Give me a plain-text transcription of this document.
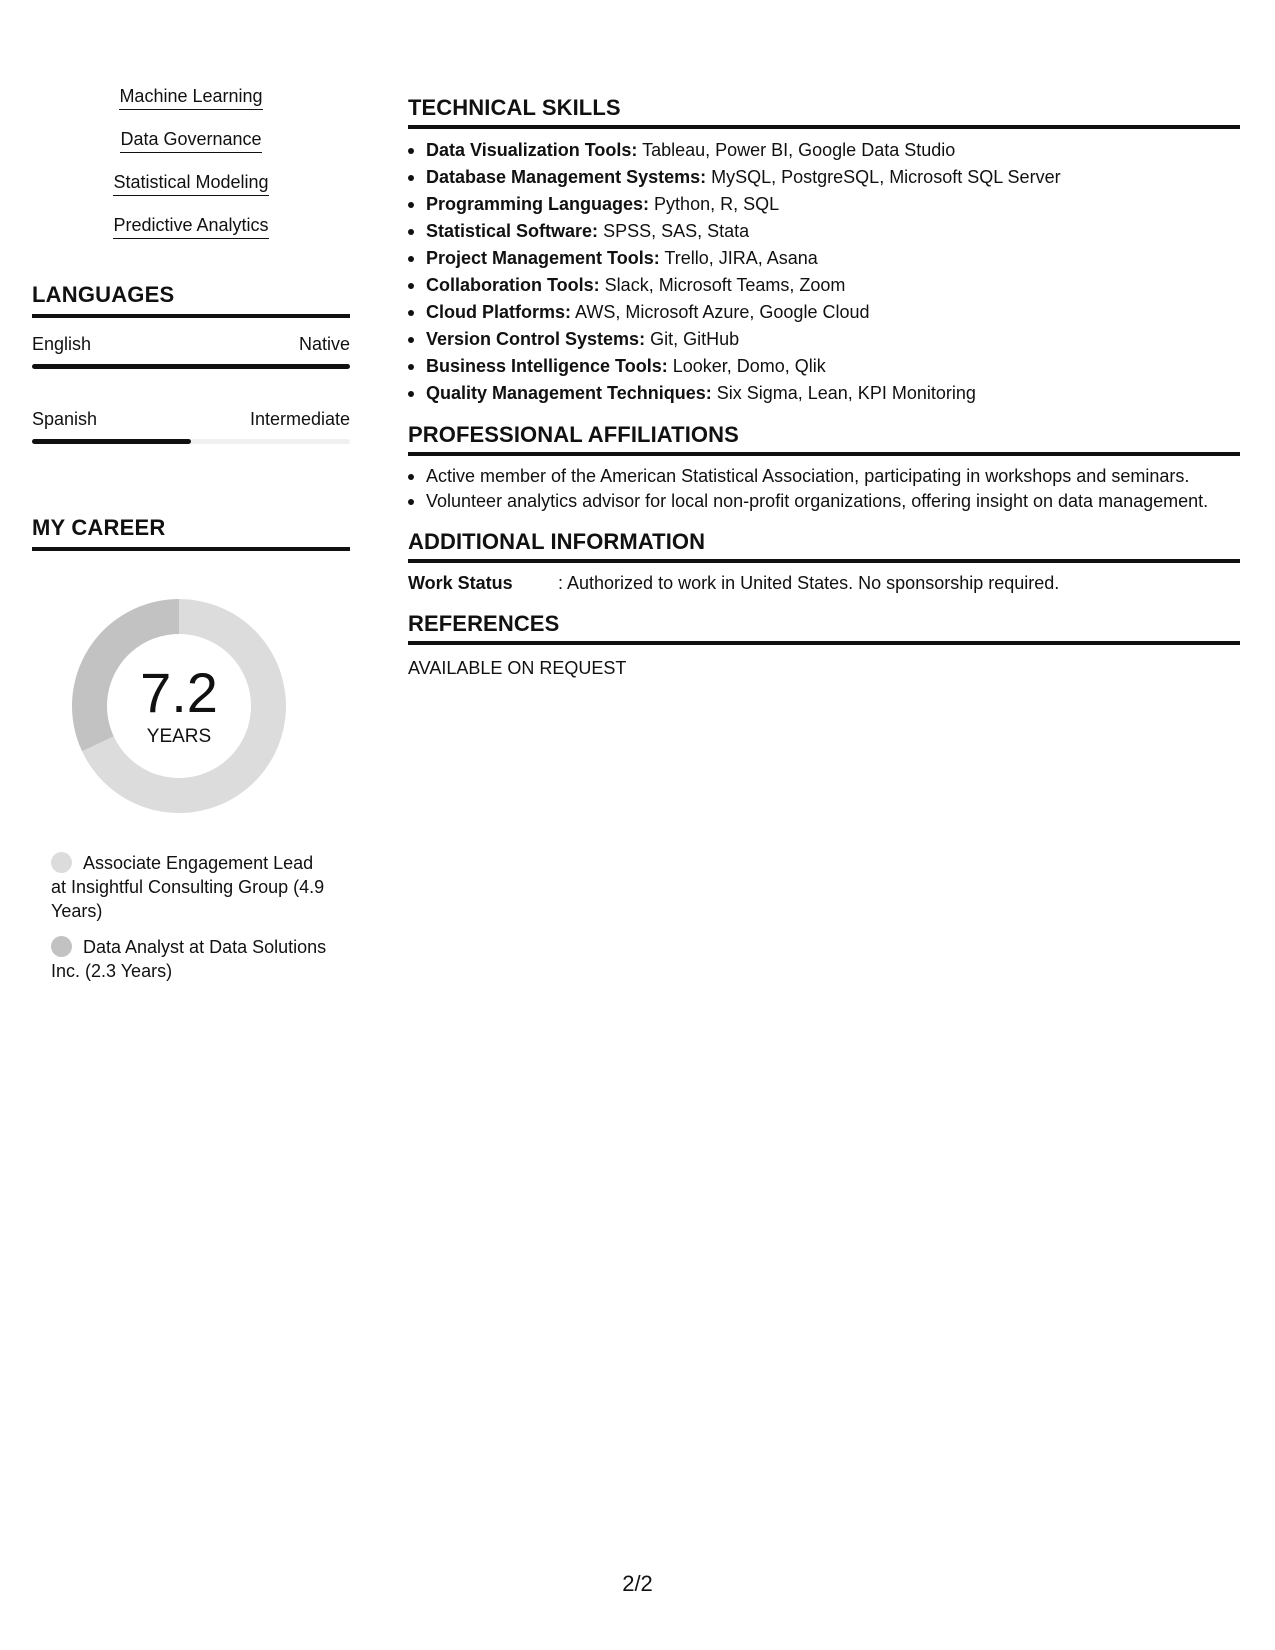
Machine Learning
Data Governance
Statistical Modeling
Predictive Analytics
LANGUAGES
English	Native
Spanish	Intermediate
MY CAREER
7.2
YEARS
Associate Engagement Lead at Insightful Consulting Group (4.9 Years)
Data Analyst at Data Solutions Inc. (2.3 Years)
TECHNICAL SKILLS
Data Visualization Tools: Tableau, Power BI, Google Data Studio
Database Management Systems: MySQL, PostgreSQL, Microsoft SQL Server
Programming Languages: Python, R, SQL
Statistical Software: SPSS, SAS, Stata
Project Management Tools: Trello, JIRA, Asana
Collaboration Tools: Slack, Microsoft Teams, Zoom
Cloud Platforms: AWS, Microsoft Azure, Google Cloud
Version Control Systems: Git, GitHub
Business Intelligence Tools: Looker, Domo, Qlik
Quality Management Techniques: Six Sigma, Lean, KPI Monitoring
PROFESSIONAL AFFILIATIONS
Active member of the American Statistical Association, participating in workshops and seminars.
Volunteer analytics advisor for local non-profit organizations, offering insight on data management.
ADDITIONAL INFORMATION
Work Status	: Authorized to work in United States. No sponsorship required.
REFERENCES
AVAILABLE ON REQUEST
2/2
